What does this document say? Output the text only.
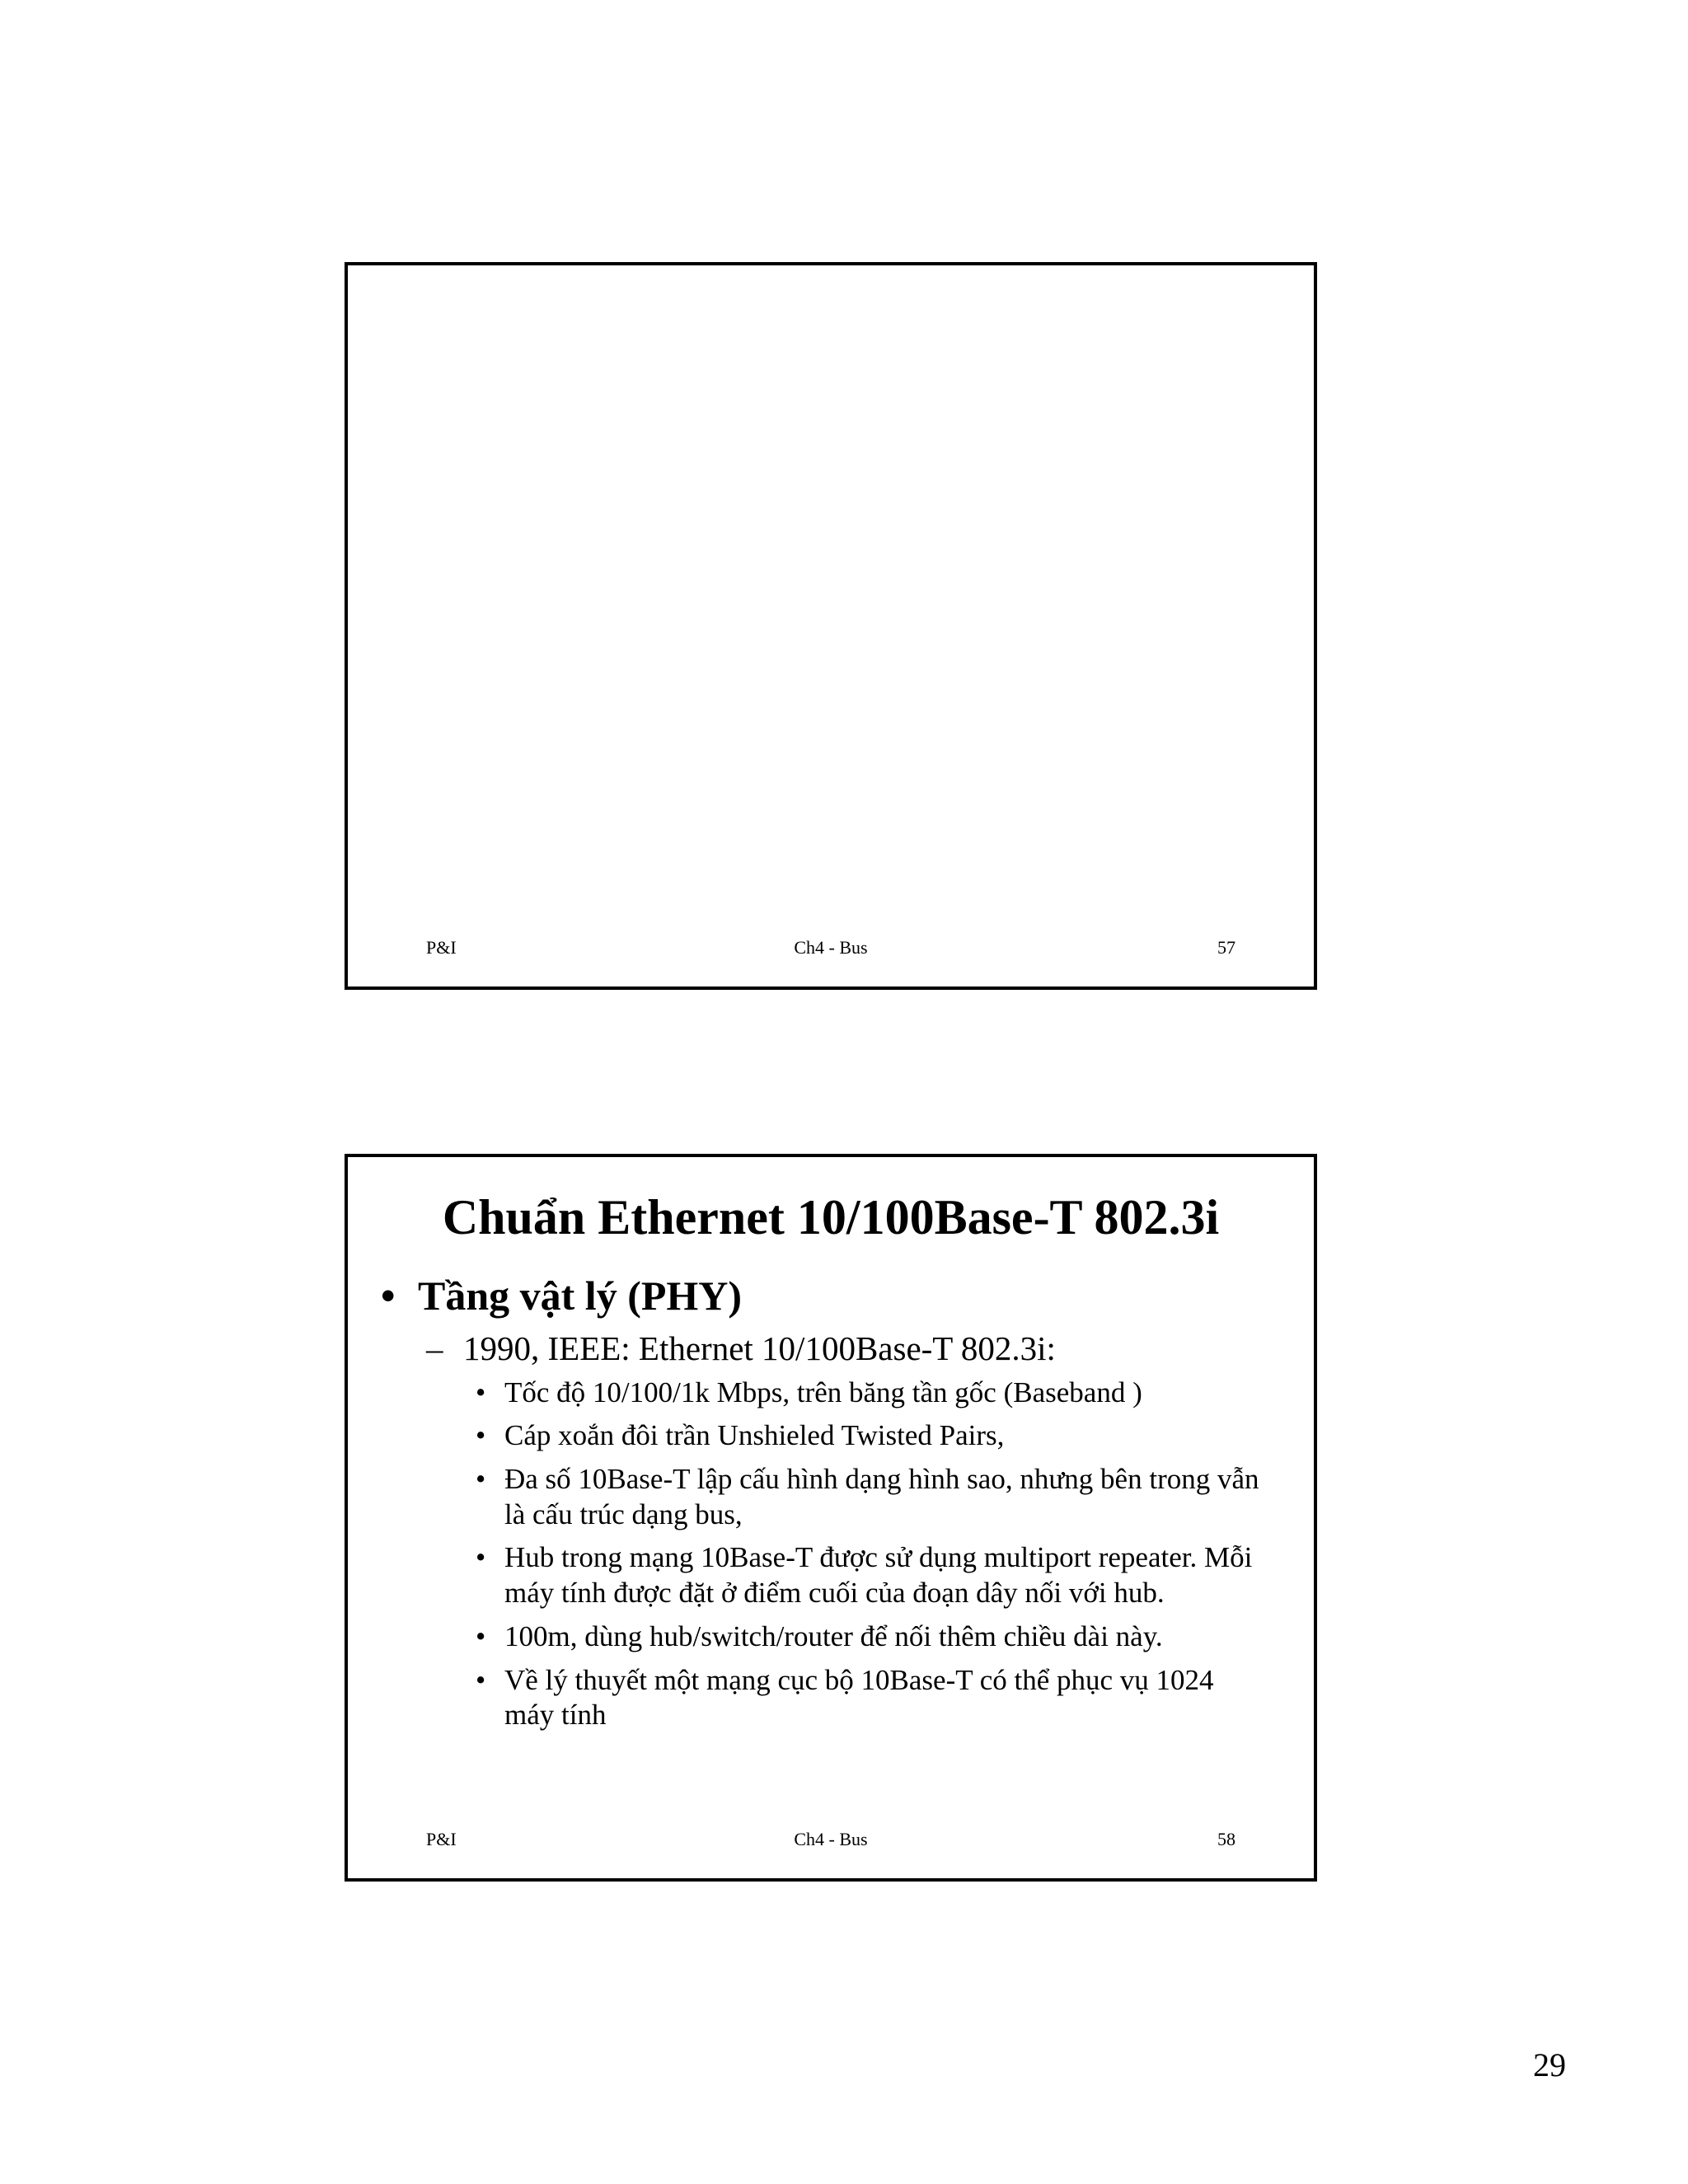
P&I	Ch4 - Bus	57
Chuẩn Ethernet 10/100Base-T 802.3i
• Tầng vật lý (PHY)
– 1990, IEEE: Ethernet 10/100Base-T 802.3i:
• Tốc độ 10/100/1k Mbps, trên băng tần gốc (Baseband )
• Cáp xoắn đôi trần Unshieled Twisted Pairs,
• Đa số 10Base-T lập cấu hình dạng hình sao, nhưng bên trong vẫn là cấu trúc dạng bus,
• Hub trong mạng 10Base-T được sử dụng multiport repeater. Mỗi máy tính được đặt ở điểm cuối của đoạn dây nối với hub.
• 100m, dùng hub/switch/router để nối thêm chiều dài này.
• Về lý thuyết một mạng cục bộ 10Base-T có thể phục vụ 1024 máy tính
P&I	Ch4 - Bus	58
29
